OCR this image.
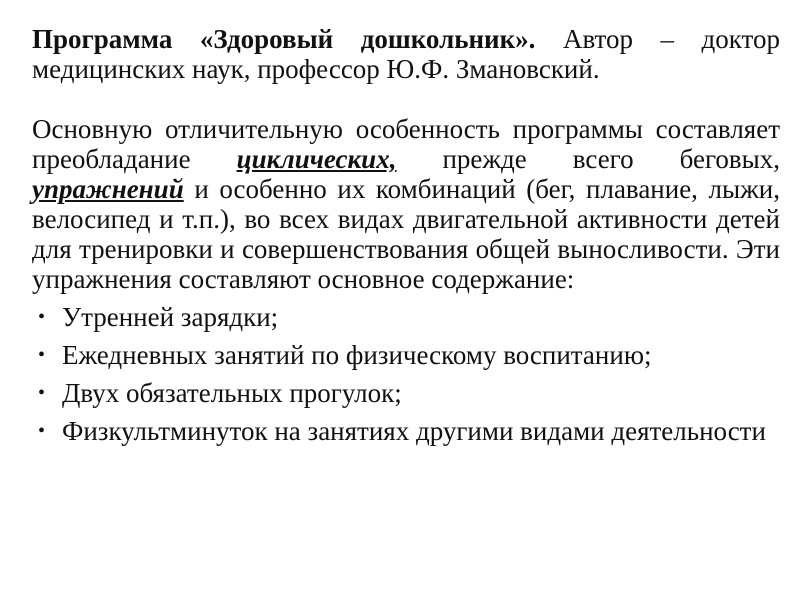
Программа «Здоровый дошкольник». Автор – доктор медицинских наук, профессор Ю.Ф. Змановский.

Основную отличительную особенность программы составляет преобладание циклических, прежде всего беговых, упражнений и особенно их комбинаций (бег, плавание, лыжи, велосипед и т.п.), во всех видах двигательной активности детей для тренировки и совершенствования общей выносливости. Эти упражнения составляют основное содержание:

• Утренней зарядки;
• Ежедневных занятий по физическому воспитанию;
• Двух обязательных прогулок;
• Физкультминуток на занятиях другими видами деятельности
